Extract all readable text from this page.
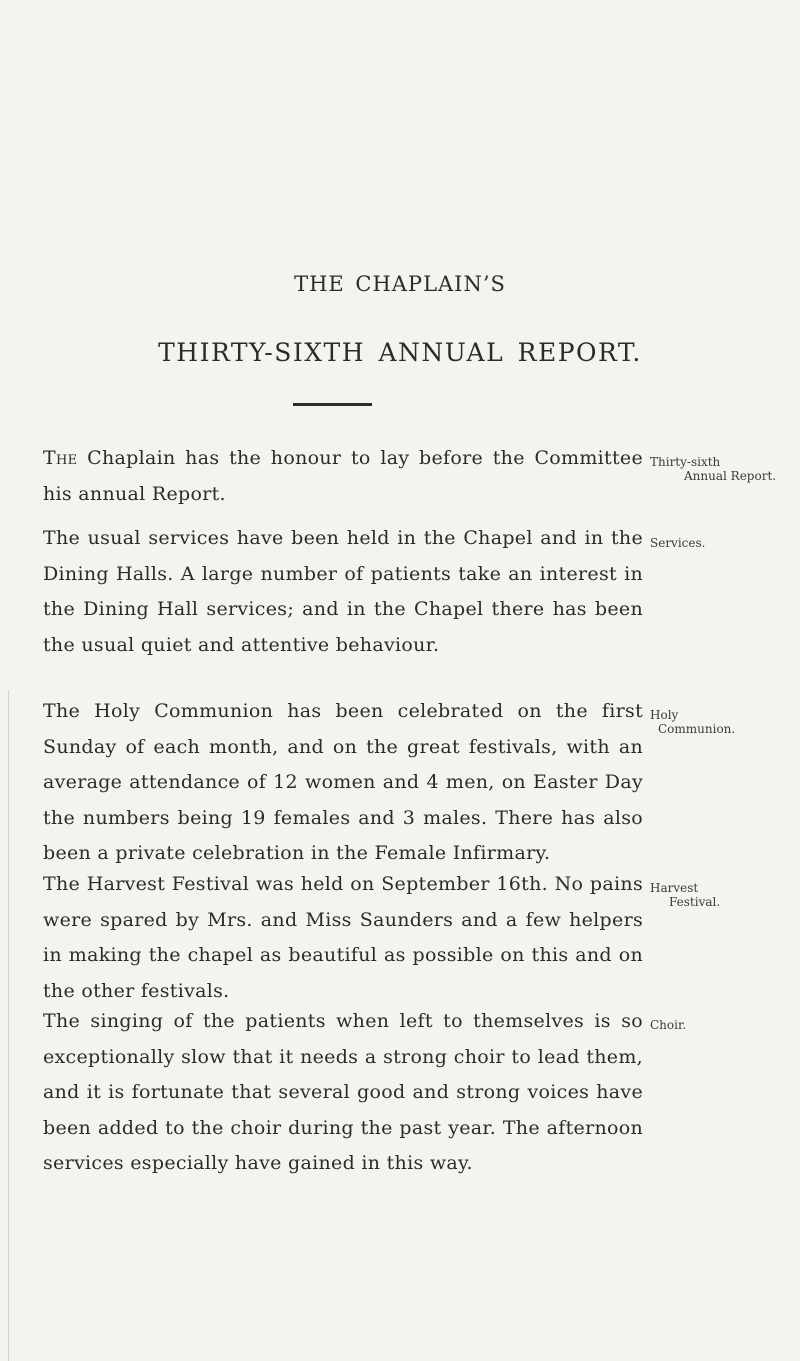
THE CHAPLAIN’S
THIRTY-SIXTH ANNUAL REPORT.

The Chaplain has the honour to lay before the Committee his annual Report.

Thirty-sixth
Annual Report.

The usual services have been held in the Chapel and in the Dining Halls. A large number of patients take an interest in the Dining Hall services; and in the Chapel there has been the usual quiet and attentive behaviour.

Services.

The Holy Communion has been celebrated on the first Sunday of each month, and on the great festivals, with an average attendance of 12 women and 4 men, on Easter Day the numbers being 19 females and 3 males. There has also been a private celebration in the Female Infirmary.

Holy
Communion.

The Harvest Festival was held on September 16th. No pains were spared by Mrs. and Miss Saunders and a few helpers in making the chapel as beautiful as possible on this and on the other festivals.

Harvest
Festival.

The singing of the patients when left to themselves is so exceptionally slow that it needs a strong choir to lead them, and it is fortunate that several good and strong voices have been added to the choir during the past year. The afternoon services especially have gained in this way.

Choir.
